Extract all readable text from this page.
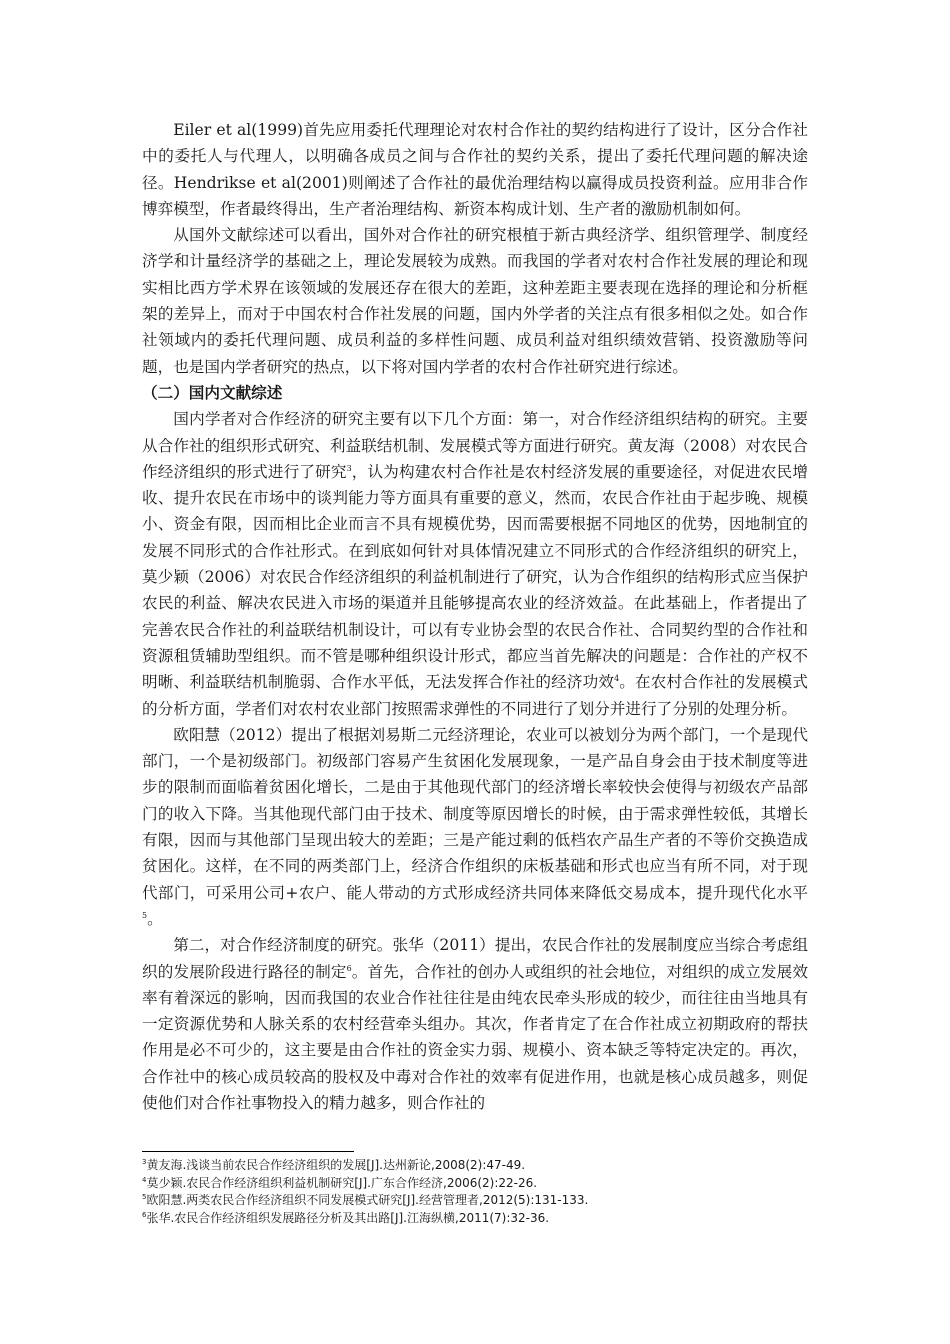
Eiler et al(1999)首先应用委托代理理论对农村合作社的契约结构进行了设计，区分合作社中的委托人与代理人，以明确各成员之间与合作社的契约关系，提出了委托代理问题的解决途径。Hendrikse et al(2001)则阐述了合作社的最优治理结构以赢得成员投资利益。应用非合作博弈模型，作者最终得出，生产者治理结构、新资本构成计划、生产者的激励机制如何。

从国外文献综述可以看出，国外对合作社的研究根植于新古典经济学、组织管理学、制度经济学和计量经济学的基础之上，理论发展较为成熟。而我国的学者对农村合作社发展的理论和现实相比西方学术界在该领域的发展还存在很大的差距，这种差距主要表现在选择的理论和分析框架的差异上，而对于中国农村合作社发展的问题，国内外学者的关注点有很多相似之处。如合作社领域内的委托代理问题、成员利益的多样性问题、成员利益对组织绩效营销、投资激励等问题，也是国内学者研究的热点，以下将对国内学者的农村合作社研究进行综述。

（二）国内文献综述

国内学者对合作经济的研究主要有以下几个方面：第一，对合作经济组织结构的研究。主要从合作社的组织形式研究、利益联结机制、发展模式等方面进行研究。黄友海（2008）对农民合作经济组织的形式进行了研究$^3$，认为构建农村合作社是农村经济发展的重要途径，对促进农民增收、提升农民在市场中的谈判能力等方面具有重要的意义，然而，农民合作社由于起步晚、规模小、资金有限，因而相比企业而言不具有规模优势，因而需要根据不同地区的优势，因地制宜的发展不同形式的合作社形式。在到底如何针对具体情况建立不同形式的合作经济组织的研究上，莫少颖（2006）对农民合作经济组织的利益机制进行了研究，认为合作组织的结构形式应当保护农民的利益、解决农民进入市场的渠道并且能够提高农业的经济效益。在此基础上，作者提出了完善农民合作社的利益联结机制设计，可以有专业协会型的农民合作社、合同契约型的合作社和资源租赁辅助型组织。而不管是哪种组织设计形式，都应当首先解决的问题是：合作社的产权不明晰、利益联结机制脆弱、合作水平低，无法发挥合作社的经济功效$^4$。在农村合作社的发展模式的分析方面，学者们对农村农业部门按照需求弹性的不同进行了划分并进行了分别的处理分析。

欧阳慧（2012）提出了根据刘易斯二元经济理论，农业可以被划分为两个部门，一个是现代部门，一个是初级部门。初级部门容易产生贫困化发展现象，一是产品自身会由于技术制度等进步的限制而面临着贫困化增长，二是由于其他现代部门的经济增长率较快会使得与初级农产品部门的收入下降。当其他现代部门由于技术、制度等原因增长的时候，由于需求弹性较低，其增长有限，因而与其他部门呈现出较大的差距；三是产能过剩的低档农产品生产者的不等价交换造成贫困化。这样，在不同的两类部门上，经济合作组织的床板基础和形式也应当有所不同，对于现代部门，可采用公司+农户、能人带动的方式形成经济共同体来降低交易成本，提升现代化水平$^5$。

第二，对合作经济制度的研究。张华（2011）提出，农民合作社的发展制度应当综合考虑组织的发展阶段进行路径的制定$^6$。首先，合作社的创办人或组织的社会地位，对组织的成立发展效率有着深远的影响，因而我国的农业合作社往往是由纯农民牵头形成的较少，而往往由当地具有一定资源优势和人脉关系的农村经营牵头组办。其次，作者肯定了在合作社成立初期政府的帮扶作用是必不可少的，这主要是由合作社的资金实力弱、规模小、资本缺乏等特定决定的。再次，合作社中的核心成员较高的股权及中毒对合作社的效率有促进作用，也就是核心成员越多，则促使他们对合作社事物投入的精力越多，则合作社的

$^3$黄友海.浅谈当前农民合作经济组织的发展[J].达州新论,2008(2):47-49.
$^4$莫少颖.农民合作经济组织利益机制研究[J].广东合作经济,2006(2):22-26.
$^5$欧阳慧.两类农民合作经济组织不同发展模式研究[J].经营管理者,2012(5):131-133.
$^6$张华.农民合作经济组织发展路径分析及其出路[J].江海纵横,2011(7):32-36.
